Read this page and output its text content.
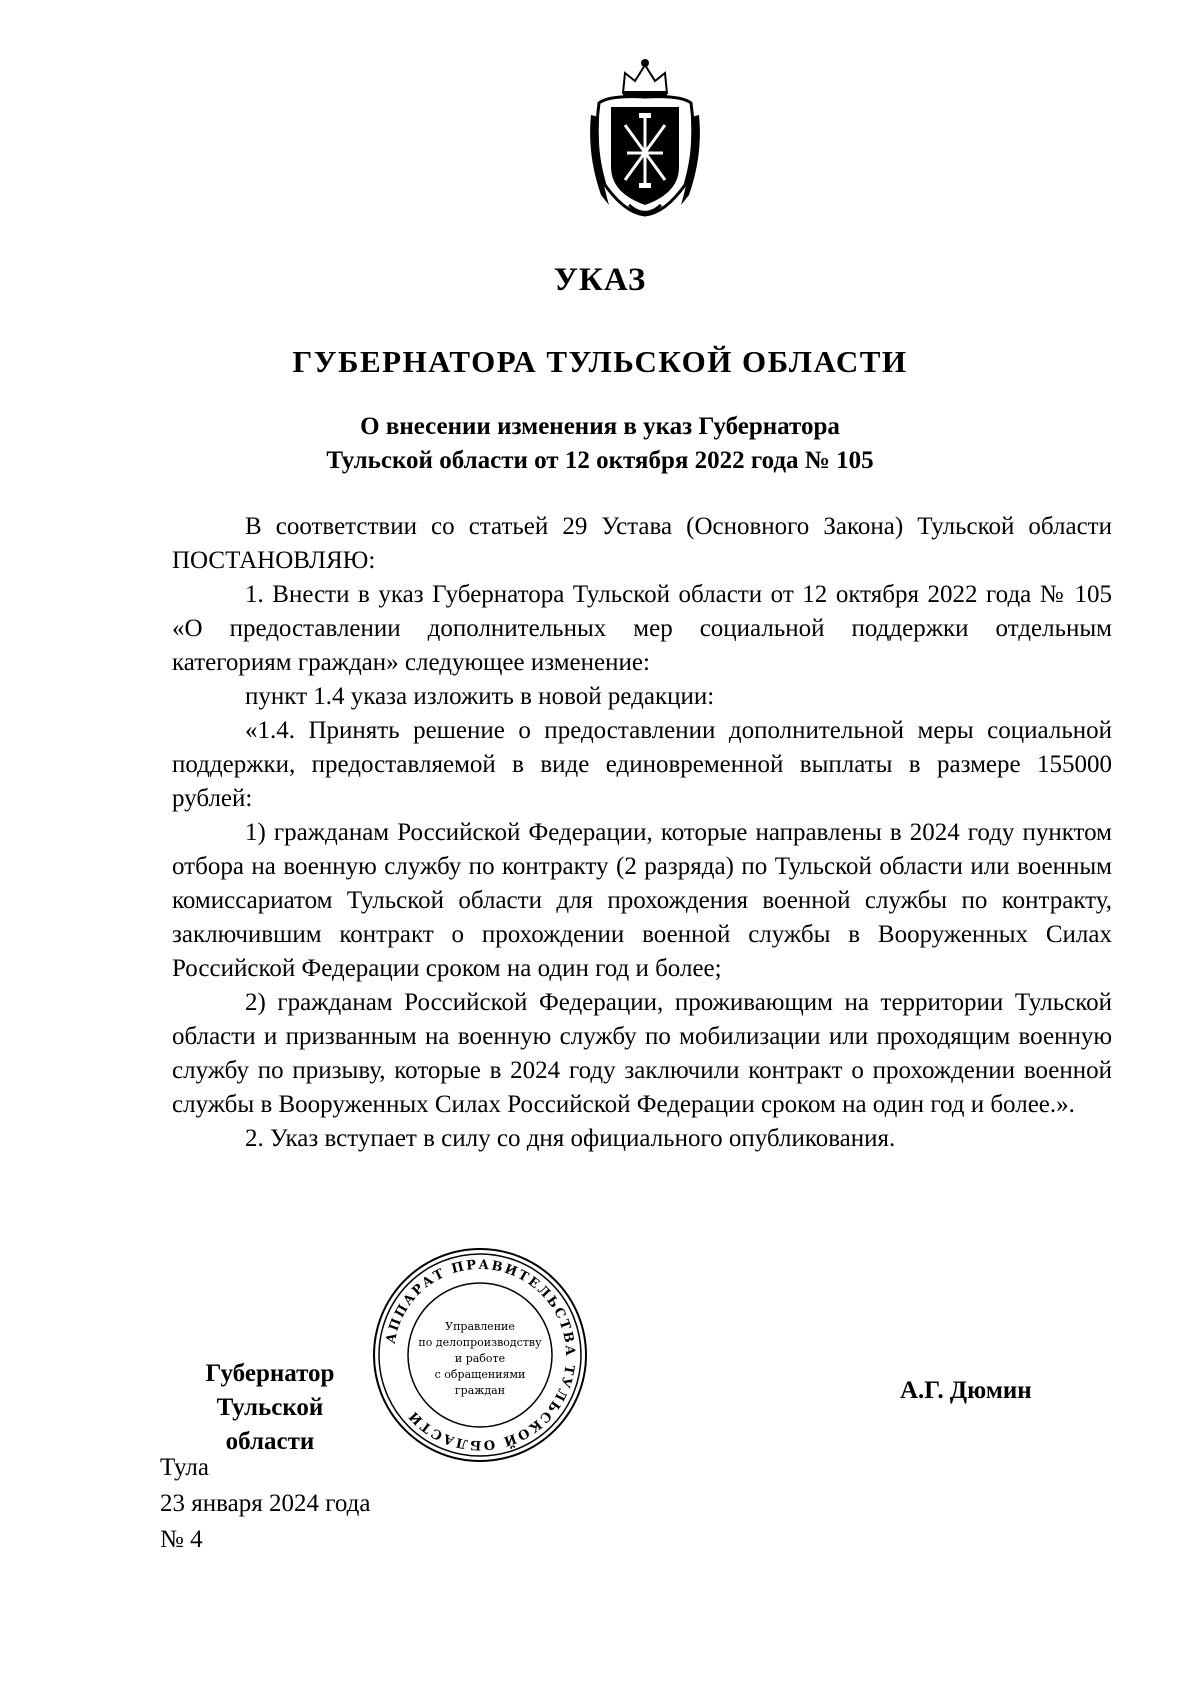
УКАЗ
ГУБЕРНАТОРА ТУЛЬСКОЙ ОБЛАСТИ
О внесении изменения в указ Губернатора
Тульской области от 12 октября 2022 года № 105

В соответствии со статьей 29 Устава (Основного Закона) Тульской области ПОСТАНОВЛЯЮ:

1. Внести в указ Губернатора Тульской области от 12 октября 2022 года № 105 «О предоставлении дополнительных мер социальной поддержки отдельным категориям граждан» следующее изменение:

пункт 1.4 указа изложить в новой редакции:

«1.4. Принять решение о предоставлении дополнительной меры социальной поддержки, предоставляемой в виде единовременной выплаты в размере 155000 рублей:

1) гражданам Российской Федерации, которые направлены в 2024 году пунктом отбора на военную службу по контракту (2 разряда) по Тульской области или военным комиссариатом Тульской области для прохождения военной службы по контракту, заключившим контракт о прохождении военной службы в Вооруженных Силах Российской Федерации сроком на один год и более;

2) гражданам Российской Федерации, проживающим на территории Тульской области и призванным на военную службу по мобилизации или проходящим военную службу по призыву, которые в 2024 году заключили контракт о прохождении военной службы в Вооруженных Силах Российской Федерации сроком на один год и более.».

2. Указ вступает в силу со дня официального опубликования.

АППАРАТ ПРАВИТЕЛЬСТВА ТУЛЬСКОЙ ОБЛАСТИ
Управление
по делопроизводству
и работе
с обращениями
граждан
Губернатор
Тульской области
А.Г. Дюмин
Тула
23 января 2024 года
№ 4
